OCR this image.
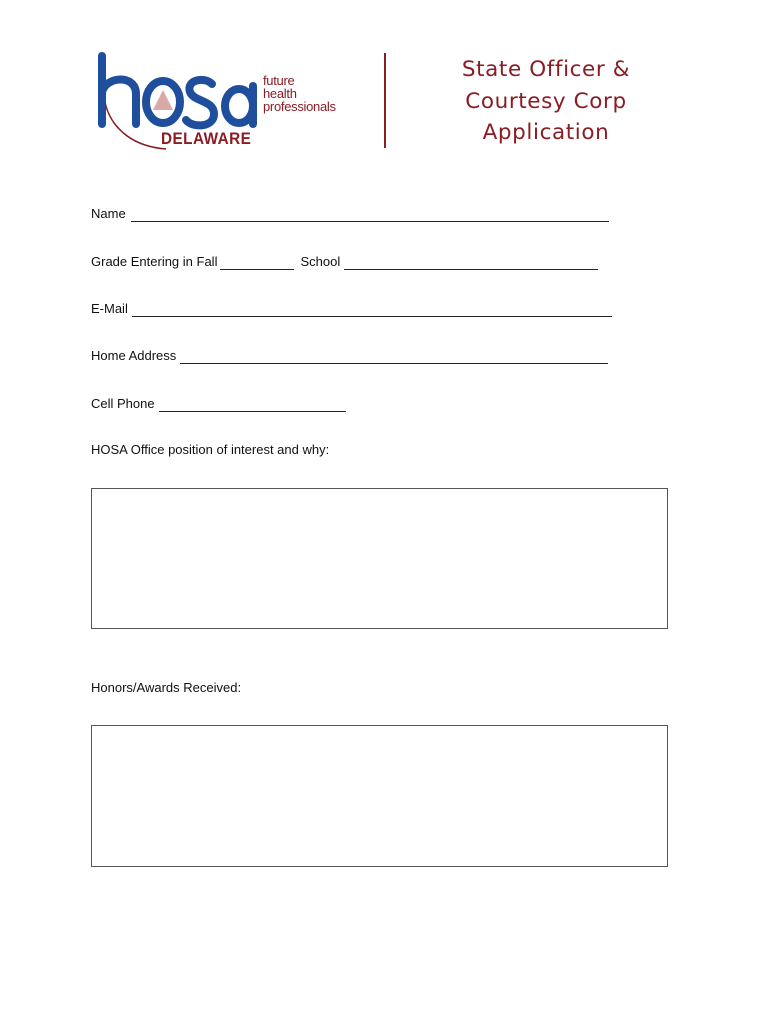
future
health
professionals
DELAWARE
State Officer &
Courtesy Corp
Application
Name
Grade Entering in Fall	School
E-Mail
Home Address
Cell Phone
HOSA Office position of interest and why:
Honors/Awards Received:
